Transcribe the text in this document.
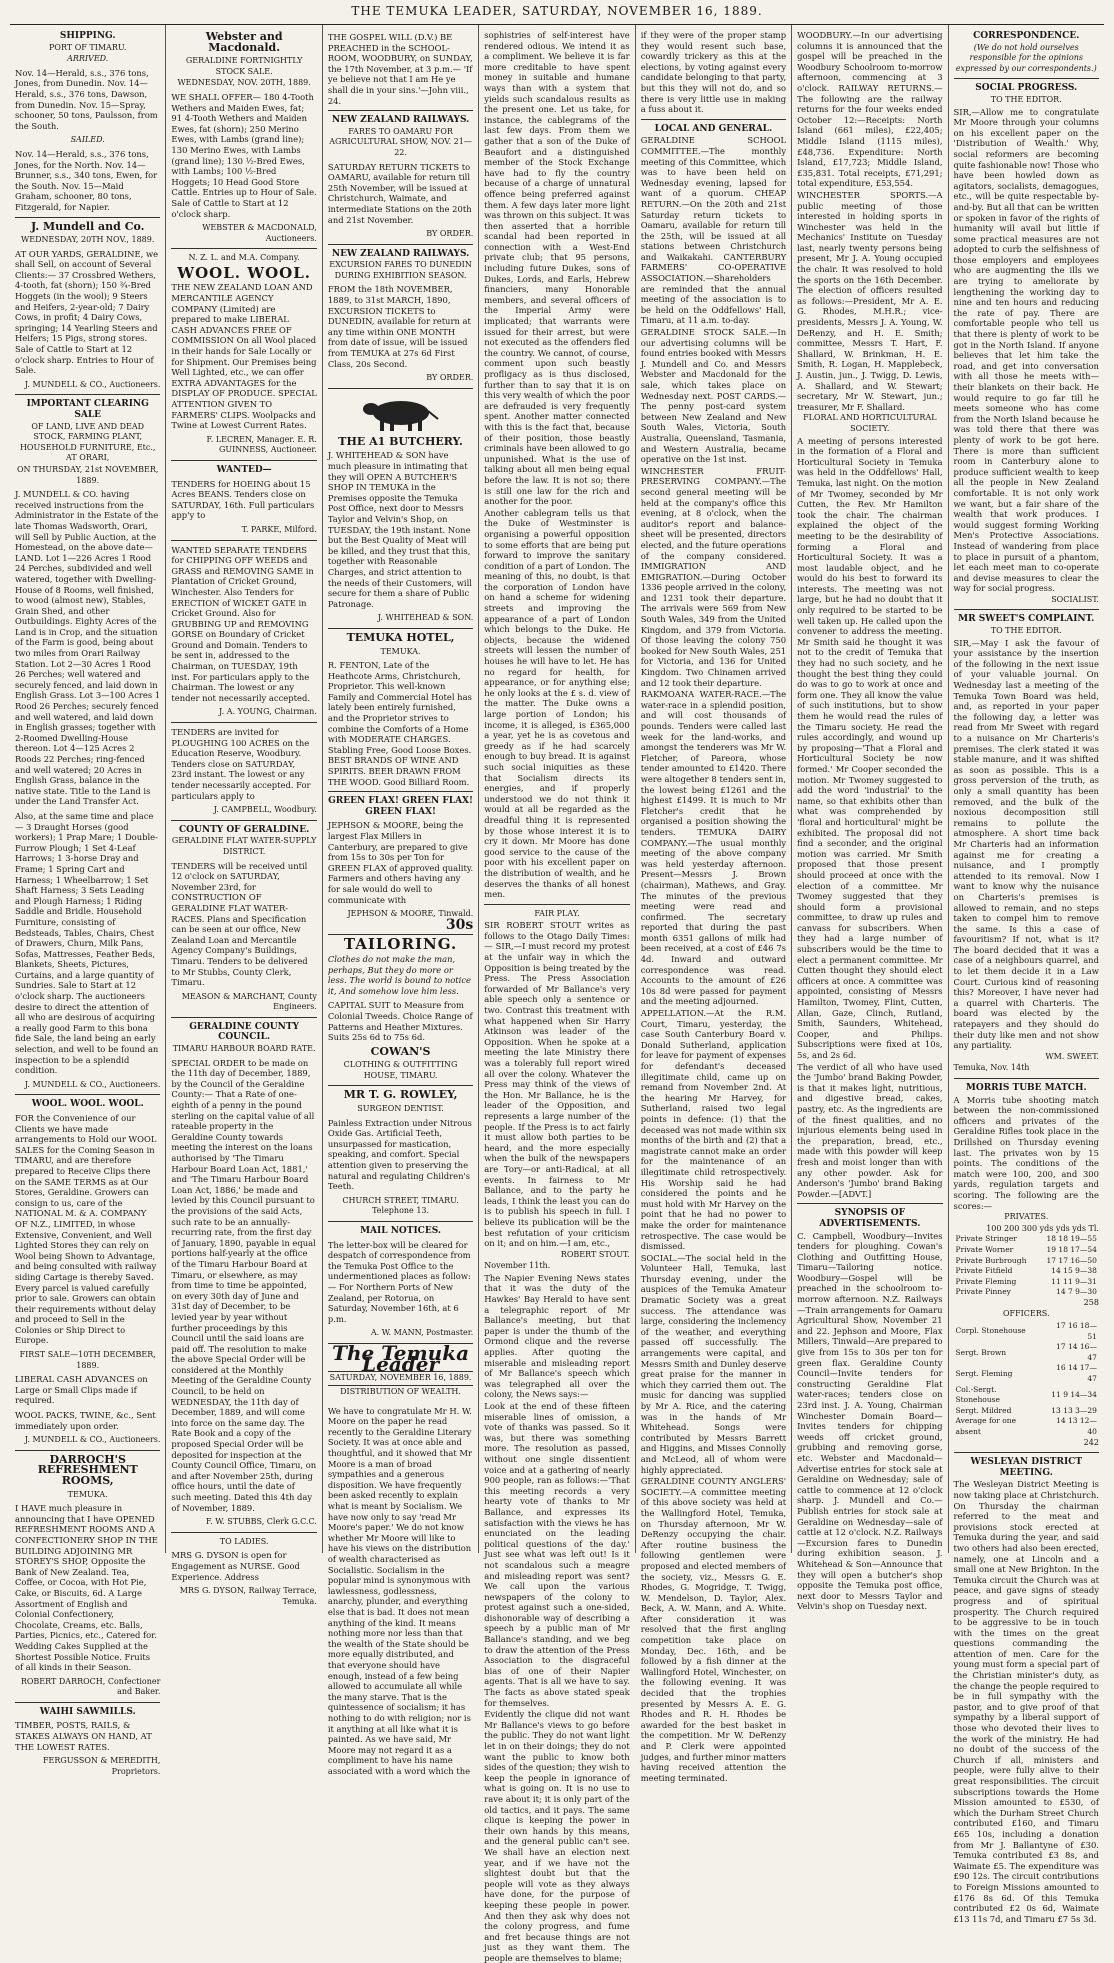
THE TEMUKA LEADER, SATURDAY, NOVEMBER 16, 1889.
SHIPPING.
PORT OF TIMARU.
ARRIVED.

Nov. 14—Herald, s.s., 376 tons, Jones, from Dunedin. Nov. 14—Herald, s.s., 376 tons, Dawson, from Dunedin. Nov. 15—Spray, schooner, 50 tons, Paulsson, from the South.

SAILED.

Nov. 14—Herald, s.s., 376 tons, Jones, for the North. Nov. 14—Brunner, s.s., 340 tons, Ewen, for the South. Nov. 15—Maid Graham, schooner, 80 tons, Fitzgerald, for Napier.

J. Mundell and Co.
WEDNESDAY, 20TH NOV., 1889.

AT OUR YARDS, GERALDINE, we shall Sell, on account of Several Clients:— 37 Crossbred Wethers, 4-tooth, fat (shorn); 150 ¾-Bred Hoggets (in the wool); 9 Steers and Heifers, 2-year-old; 7 Dairy Cows, in profit; 4 Dairy Cows, springing; 14 Yearling Steers and Heifers; 15 Pigs, strong stores. Sale of Cattle to Start at 12 o'clock sharp. Entries to Hour of Sale.

J. MUNDELL & CO., Auctioneers.
IMPORTANT CLEARING SALE
OF LAND, LIVE AND DEAD STOCK, FARMING PLANT, HOUSEHOLD FURNITURE, Etc., AT ORARI,
ON THURSDAY, 21st NOVEMBER, 1889.

J. MUNDELL & CO. having received instructions from the Administrator in the Estate of the late Thomas Wadsworth, Orari, will Sell by Public Auction, at the Homestead, on the above date— LAND. Lot 1—226 Acres 1 Rood 24 Perches, subdivided and well watered, together with Dwelling-House of 8 Rooms, well finished, to wood (almost new), Stables, Grain Shed, and other Outbuildings. Eighty Acres of the Land is in Crop, and the situation of the Farm is good, being about two miles from Orari Railway Station. Lot 2—30 Acres 1 Rood 26 Perches; well watered and securely fenced, and laid down in English Grass. Lot 3—100 Acres 1 Rood 26 Perches; securely fenced and well watered, and laid down in English grasses; together with 2-Roomed Dwelling-House thereon. Lot 4—125 Acres 2 Roods 22 Perches; ring-fenced and well watered; 20 Acres in English Grass, balance in the native state. Title to the Land is under the Land Transfer Act.

Also, at the same time and place— 3 Draught Horses (good workers); 1 Prap Mare; 1 Double-Furrow Plough; 1 Set 4-Leaf Harrows; 1 3-horse Dray and Frame; 1 Spring Cart and Harness; 1 Wheelbarrow; 1 Set Shaft Harness; 3 Sets Leading and Plough Harness; 1 Riding Saddle and Bridle. Household Furniture, consisting of Bedsteads, Tables, Chairs, Chest of Drawers, Churn, Milk Pans, Sofas, Mattresses, Feather Beds, Blankets, Sheets, Pictures, Curtains, and a large quantity of Sundries. Sale to Start at 12 o'clock sharp. The auctioneers desire to direct the attention of all who are desirous of acquiring a really good Farm to this bona fide Sale, the land being an early selection, and well to be found an inspection to be a splendid condition.

J. MUNDELL & CO., Auctioneers.
WOOL. WOOL. WOOL.

FOR the Convenience of our Clients we have made arrangements to Hold our WOOL SALES for the Coming Season in TIMARU, and are therefore prepared to Receive Clips there on the SAME TERMS as at Our Stores, Geraldine. Growers can consign to us, care of the NATIONAL M. & A. COMPANY OF N.Z., LIMITED, in whose Extensive, Convenient, and Well Lighted Stores they can rely on Wool being Shown to Advantage, and being consulted with railway siding Cartage is thereby Saved. Every parcel is valued carefully prior to sale. Growers can obtain their requirements without delay and proceed to Sell in the Colonies or Ship Direct to Europe.

FIRST SALE—10TH DECEMBER, 1889.

LIBERAL CASH ADVANCES on Large or Small Clips made if required.

WOOL PACKS, TWINE, &c., Sent immediately upon order.

J. MUNDELL & CO., Auctioneers.
DARROCH'S REFRESHMENT ROOMS,
TEMUKA.

I HAVE much pleasure in announcing that I have OPENED REFRESHMENT ROOMS AND A CONFECTIONERY SHOP IN THE BUILDING ADJOINING MR STOREY'S SHOP, Opposite the Bank of New Zealand. Tea, Coffee, or Cocoa, with Hot Pie, Cake, or Biscuits, 6d. A Large Assortment of English and Colonial Confectionery, Chocolate, Creams, etc. Balls, Parties, Picnics, etc., Catered for. Wedding Cakes Supplied at the Shortest Possible Notice. Fruits of all kinds in their Season.

ROBERT DARROCH, Confectioner and Baker.
WAIHI SAWMILLS.

TIMBER, POSTS, RAILS, & STAKES ALWAYS ON HAND, AT THE LOWEST RATES.

FERGUSSON & MEREDITH, Proprietors.
Webster and Macdonald.
GERALDINE FORTNIGHTLY STOCK SALE.
WEDNESDAY, NOV. 20TH, 1889.

WE SHALL OFFER— 180 4-Tooth Wethers and Maiden Ewes, fat; 91 4-Tooth Wethers and Maiden Ewes, fat (shorn); 250 Merino Ewes, with Lambs (grand line); 130 Merino Ewes, with Lambs (grand line); 130 ½-Bred Ewes, with Lambs; 100 ½-Bred Hoggets; 10 Head Good Store Cattle. Entries up to Hour of Sale. Sale of Cattle to Start at 12 o'clock sharp.

WEBSTER & MACDONALD, Auctioneers.
N. Z. L. and M.A. Company.
WOOL. WOOL.

THE NEW ZEALAND LOAN AND MERCANTILE AGENCY COMPANY (Limited) are prepared to make LIBERAL CASH ADVANCES FREE OF COMMISSION On all Wool placed in their hands for Sale Locally or for Shipment. Our Premises being Well Lighted, etc., we can offer EXTRA ADVANTAGES for the DISPLAY OF PRODUCE. SPECIAL ATTENTION GIVEN TO FARMERS' CLIPS. Woolpacks and Twine at Lowest Current Rates.

F. LECREN, Manager. E. R. GUINNESS, Auctioneer.
WANTED—

TENDERS for HOEING about 15 Acres BEANS. Tenders close on SATURDAY, 16th. Full particulars app'y to

T. PARKE, Milford.

WANTED SEPARATE TENDERS for CHIPPING OFF WEEDS and GRASS and REMOVING SAME in Plantation of Cricket Ground, Winchester. Also Tenders for ERECTION of WICKET GATE in Cricket Ground. Also for GRUBBING UP and REMOVING GORSE on Boundary of Cricket Ground and Domain. Tenders to be sent in, addressed to the Chairman, on TUESDAY, 19th inst. For particulars apply to the Chairman. The lowest or any tender not necessarily accepted.

J. A. YOUNG, Chairman.

TENDERS are invited for PLOUGHING 100 ACRES on the Education Reserve, Woodbury. Tenders close on SATURDAY, 23rd instant. The lowest or any tender necessarily accepted. For particulars apply to

J. CAMPBELL, Woodbury.
COUNTY OF GERALDINE.
GERALDINE FLAT WATER-SUPPLY DISTRICT.

TENDERS will be received until 12 o'clock on SATURDAY, November 23rd, for CONSTRUCTION OF GERALDINE FLAT WATER-RACES. Plans and Specification can be seen at our office, New Zealand Loan and Mercantile Agency Company's Buildings, Timaru. Tenders to be delivered to Mr Stubbs, County Clerk, Timaru.

MEASON & MARCHANT, County Engineers.
GERALDINE COUNTY COUNCIL.
TIMARU HARBOUR BOARD RATE.

SPECIAL ORDER to be made on the 11th day of December, 1889, by the Council of the Geraldine County:— That a Rate of one-eighth of a penny in the pound sterling on the capital value of all rateable property in the Geraldine County towards meeting the interest on the loans authorised by 'The Timaru Harbour Board Loan Act, 1881,' and 'The Timaru Harbour Board Loan Act, 1886,' be made and levied by this Council pursuant to the provisions of the said Acts, such rate to be an annually-recurring rate, from the first day of January, 1890, payable in equal portions half-yearly at the office of the Timaru Harbour Board at Timaru, or elsewhere, as may from time to time be appointed, on every 30th day of June and 31st day of December, to be levied year by year without further proceedings by this Council until the said loans are paid off. The resolution to make the above Special Order will be considered at the Monthly Meeting of the Geraldine County Council, to be held on WEDNESDAY, the 11th day of December, 1889, and will come into force on the same day. The Rate Book and a copy of the proposed Special Order will be deposited for inspection at the County Council Office, Timaru, on and after November 25th, during office hours, until the date of such meeting. Dated this 4th day of November, 1889.

F. W. STUBBS, Clerk G.C.C.
TO LADIES.

MRS G. DYSON is open for Engagement as NURSE. Good Experience. Address

MRS G. DYSON, Railway Terrace, Temuka.

THE GOSPEL WILL (D.V.) BE PREACHED in the SCHOOL-ROOM, WOODBURY, on SUNDAY, the 17th November, at 3 p.m.— 'If ye believe not that I am He ye shall die in your sins.'—John viii., 24.

NEW ZEALAND RAILWAYS.
FARES TO OAMARU FOR AGRICULTURAL SHOW, NOV. 21—22.

SATURDAY RETURN TICKETS to OAMARU, available for return till 25th November, will be issued at Christchurch, Waimate, and intermediate Stations on the 20th and 21st November.

BY ORDER.
NEW ZEALAND RAILWAYS.
EXCURSION FARES TO DUNEDIN DURING EXHIBITION SEASON.

FROM the 18th NOVEMBER, 1889, to 31st MARCH, 1890, EXCURSION TICKETS to DUNEDIN, available for return at any time within ONE MONTH from date of issue, will be issued from TEMUKA at 27s 6d First Class, 20s Second.

BY ORDER.
THE A1 BUTCHERY.

J. WHITEHEAD & SON have much pleasure in intimating that they will OPEN A BUTCHER'S SHOP IN TEMUKA in the Premises opposite the Temuka Post Office, next door to Messrs Taylor and Velvin's Shop, on TUESDAY, the 19th instant. None but the Best Quality of Meat will be killed, and they trust that this, together with Reasonable Charges, and strict attention to the needs of their Customers, will secure for them a share of Public Patronage.

J. WHITEHEAD & SON.
TEMUKA HOTEL,
TEMUKA.

R. FENTON, Late of the Heathcote Arms, Christchurch, Proprietor. This well-known Family and Commercial Hotel has lately been entirely furnished, and the Proprietor strives to combine the Comforts of a Home with MODERATE CHARGES. Stabling Free, Good Loose Boxes. BEST BRANDS OF WINE AND SPIRITS. BEER DRAWN FROM THE WOOD. Good Billiard Room.

GREEN FLAX! GREEN FLAX! GREEN FLAX!

JEPHSON & MOORE, being the largest Flax Millers in Canterbury, are prepared to give from 15s to 30s per Ton for GREEN FLAX of approved quality. Farmers and others having any for sale would do well to communicate with

JEPHSON & MOORE, Tinwald.
30s
TAILORING.

Clothes do not make the man, perhaps, But they do more or less. The world is bound to notice it, And somehow love him less.

CAPITAL SUIT to Measure from Colonial Tweeds. Choice Range of Patterns and Heather Mixtures. Suits 25s 6d to 75s 6d.

COWAN'S
CLOTHING & OUTFITTING HOUSE, TIMARU.
MR T. G. ROWLEY,
SURGEON DENTIST.

Painless Extraction under Nitrous Oxide Gas. Artificial Teeth, unsurpassed for mastication, speaking, and comfort. Special attention given to preserving the natural and regulating Children's Teeth.

CHURCH STREET, TIMARU. Telephone 13.
MAIL NOTICES.

The letter-box will be cleared for despatch of correspondence from the Temuka Post Office to the undermentioned places as follow:— For Northern Ports of New Zealand, per Rotorua, on Saturday, November 16th, at 6 p.m.

A. W. MANN, Postmaster.
The Temuka Leader
SATURDAY, NOVEMBER 16, 1889.
DISTRIBUTION OF WEALTH.

We have to congratulate Mr H. W. Moore on the paper he read recently to the Geraldine Literary Society. It was at once able and thoughtful, and it showed that Mr Moore is a man of broad sympathies and a generous disposition. We have frequently been asked recently to explain what is meant by Socialism. We have now only to say 'read Mr Moore's paper.' We do not know whether Mr Moore will like to have his views on the distribution of wealth characterised as Socialistic. Socialism in the popular mind is synonymous with lawlessness, godlessness, anarchy, plunder, and everything else that is bad. It does not mean anything of the kind. It means nothing more nor less than that the wealth of the State should be more equally distributed, and that everyone should have enough, instead of a few being allowed to accumulate all while the many starve. That is the quintessence of socialism; it has nothing to do with religion; nor is it anything at all like what it is painted. As we have said, Mr Moore may not regard it as a compliment to have his name associated with a word which the

sophistries of self-interest have rendered odious. We intend it as a compliment. We believe it is far more creditable to have spent money in suitable and humane ways than with a system that yields such scandalous results as the present one. Let us take, for instance, the cablegrams of the last few days. From them we gather that a son of the Duke of Beaufort and a distinguished member of the Stock Exchange have had to fly the country because of a charge of unnatural offence being preferred against them. A few days later more light was thrown on this subject. It was then asserted that a horrible scandal had been reported in connection with a West-End private club; that 95 persons, including future Dukes, sons of Dukes, Lords, and Earls, Hebrew financiers, many Honorable members, and several officers of the Imperial Army were implicated; that warrants were issued for their arrest, but were not executed as the offenders fled the country. We cannot, of course, comment upon such beastly profligacy as is thus disclosed, further than to say that it is on this very wealth of which the poor are defrauded is very frequently spent. Another matter connected with this is the fact that, because of their position, those beastly criminals have been allowed to go unpunished. What is the use of talking about all men being equal before the law. It is not so; there is still one law for the rich and another for the poor.

Another cablegram tells us that the Duke of Westminster is organising a powerful opposition to some efforts that are being put forward to improve the sanitary condition of a part of London. The meaning of this, no doubt, is that the corporation of London have on hand a scheme for widening streets and improving the appearance of a part of London which belongs to the Duke. He objects, because the widened streets will lessen the number of houses he will have to let. He has no regard for health, for appearance, or for anything else; he only looks at the £ s. d. view of the matter. The Duke owns a large portion of London; his income, it is alleged, is £365,000 a year, yet he is as covetous and greedy as if he had scarcely enough to buy bread. It is against such social iniquities as these that Socialism directs its energies, and if properly understood we do not think it would at all be regarded as the dreadful thing it is represented by those whose interest it is to cry it down. Mr Moore has done good service to the cause of the poor with his excellent paper on the distribution of wealth, and he deserves the thanks of all honest men.

FAIR PLAY.

SIR ROBERT STOUT writes as follows to the Otago Daily Times:— SIR,—I must record my protest at the unfair way in which the Opposition is being treated by the Press. The Press Association forwarded of Mr Ballance's very able speech only a sentence or two. Contrast this treatment with what happened when Sir Harry Atkinson was leader of the Opposition. When he spoke at a meeting the late Ministry there was a tolerably full report wired all over the colony. Whatever the Press may think of the views of the Hon. Mr Ballance, he is the leader of the Opposition, and represents a large number of the people. If the Press is to act fairly it must allow both parties to be heard, and the more especially when the bulk of the newspapers are Tory—or anti-Radical, at all events. In fairness to Mr Ballance, and to the party he leads, I think the least you can do is to publish his speech in full. I believe its publication will be the best refutation of your criticism on it; and on him.—I am, etc.,

ROBERT STOUT.
November 11th.

The Napier Evening News states that it was the duty of the Hawkes' Bay Herald to have sent a telegraphic report of Mr Ballance's meeting, but that paper is under the thumb of the Ormond clique and the reverse applies. After quoting the miserable and misleading report of Mr Ballance's speech which was telegraphed all over the colony, the News says:—

Look at the end of these fifteen miserable lines of omission, a vote of thanks was passed. So it was, but there was something more. The resolution as passed, without one single dissentient voice and at a gathering of nearly 900 people, ran as follows:—'That this meeting records a very hearty vote of thanks to Mr Ballance, and expresses its satisfaction with the views he has enunciated on the leading political questions of the day.' Just see what was left out! Is it not scandalous such a meagre and misleading report was sent? We call upon the various newspapers of the colony to protest against such a one-sided, dishonorable way of describing a speech by a public man of Mr Ballance's standing, and we beg to draw the attention of the Press Association to the disgraceful bias of one of their Napier agents. That is all we have to say. The facts as above stated speak for themselves.

Evidently the clique did not want Mr Ballance's views to go before the public. They do not want light let in on their doings; they do not want the public to know both sides of the question; they wish to keep the people in ignorance of what is going on. It is no use to rave about it; it is only part of the old tactics, and it pays. The same clique is keeping the power in their own hands by this means, and the general public can't see. We shall have an election next year, and if we have not the slightest doubt but that the people will vote as they always have done, for the purpose of keeping these people in power. And then they ask why does not the colony progress, and fume and fret because things are not just as they want them. The people are themselves to blame;

if they were of the proper stamp they would resent such base, cowardly trickery as this at the elections, by voting against every candidate belonging to that party, but this they will not do, and so there is very little use in making a fuss about it.

LOCAL AND GENERAL.

GERALDINE SCHOOL COMMITTEE.—The monthly meeting of this Committee, which was to have been held on Wednesday evening, lapsed for want of a quorum. CHEAP RETURN.—On the 20th and 21st Saturday return tickets to Oamaru, available for return till the 25th, will be issued at all stations between Christchurch and Waikakahi. CANTERBURY FARMERS' CO-OPERATIVE ASSOCIATION.—Shareholders are reminded that the annual meeting of the association is to be held on the Oddfellows' Hall, Timaru, at 11 a.m. to-day.

GERALDINE STOCK SALE.—In our advertising columns will be found entries booked with Messrs J. Mundell and Co. and Messrs Webster and Macdonald for the sale, which takes place on Wednesday next. POST CARDS.—The penny post-card system between New Zealand and New South Wales, Victoria, South Australia, Queensland, Tasmania, and Western Australia, became operative on the 1st inst.

WINCHESTER FRUIT-PRESERVING COMPANY.—The second general meeting will be held at the company's office this evening, at 8 o'clock, when the auditor's report and balance-sheet will be presented, directors elected, and the future operations of the company considered. IMMIGRATION AND EMIGRATION.—During October 1336 people arrived in the colony, and 1231 took their departure. The arrivals were 569 from New South Wales, 349 from the United Kingdom, and 379 from Victoria. Of those leaving the colony 750 booked for New South Wales, 251 for Victoria, and 136 for United Kingdom. Two Chinamen arrived and 12 took their departure.

RAKMOANA WATER-RACE.—The water-race in a splendid position, and will cost thousands of pounds. Tenders were called last week for the land-works, and amongst the tenderers was Mr W. Fletcher, of Pareora, whose tender amounted to £1420. There were altogether 8 tenders sent in, the lowest being £1261 and the highest £1499. It is much to Mr Fletcher's credit that he organised a position showing the tenders. TEMUKA DAIRY COMPANY.—The usual monthly meeting of the above company was held yesterday afternoon. Present—Messrs J. Brown (chairman), Mathews, and Gray. The minutes of the previous meeting were read and confirmed. The secretary reported that during the past month 6351 gallons of milk had been received, at a cost of £46 7s 4d. Inward and outward correspondence was read. Accounts to the amount of £26 10s 8d were passed for payment and the meeting adjourned.

APPELLATION.—At the R.M. Court, Timaru, yesterday, the case South Canterbury Board v. Donald Sutherland, application for leave for payment of expenses for defendant's deceased illegitimate child, came up on remand from November 2nd. At the hearing Mr Harvey, for Sutherland, raised two legal points in defence: (1) that the deceased was not made within six months of the birth and (2) that a magistrate cannot make an order for the maintenance of an illegitimate child retrospectively. His Worship said he had considered the points and he must hold with Mr Harvey on the point that he had no power to make the order for maintenance retrospective. The case would be dismissed.

SOCIAL.—The social held in the Volunteer Hall, Temuka, last Thursday evening, under the auspices of the Temuka Amateur Dramatic Society was a great success. The attendance was large, considering the inclemency of the weather, and everything passed off successfully. The arrangements were capital, and Messrs Smith and Dunley deserve great praise for the manner in which they carried them out. The music for dancing was supplied by Mr A. Rice, and the catering was in the hands of Mr Whitehead. Songs were contributed by Messrs Barrett and Higgins, and Misses Connolly and McLeod, all of whom were highly appreciated.

GERALDINE COUNTY ANGLERS' SOCIETY.—A committee meeting of this above society was held at the Wallingford Hotel, Temuka, on Thursday afternoon, Mr W. DeRenzy occupying the chair. After routine business the following gentlemen were proposed and elected members of the society, viz., Messrs G. E. Rhodes, G. Mogridge, T. Twigg, W. Mendelson, D. Taylor, Alex. Beck, A. W. Mann, and A. White. After consideration it was resolved that the first angling competition take place on Monday, Dec. 16th, and be followed by a fish dinner at the Wallingford Hotel, Winchester, on the following evening. It was decided that the trophies presented by Messrs A. E. G. Rhodes and R. H. Rhodes be awarded for the best basket in the competition. Mr W. DeRenzy and P. Clerk were appointed judges, and further minor matters having received attention the meeting terminated.

WOODBURY.—In our advertising columns it is announced that the gospel will be preached in the Woodbury Schoolroom to-morrow afternoon, commencing at 3 o'clock. RAILWAY RETURNS.—The following are the railway returns for the four weeks ended October 12:—Receipts: North Island (661 miles), £22,405; Middle Island (1115 miles), £48,736. Expenditure: North Island, £17,723; Middle Island, £35,831. Total receipts, £71,291; total expenditure, £53,554.

WINCHESTER SPORTS.—A public meeting of those interested in holding sports in Winchester was held in the Mechanics' Institute on Tuesday last, nearly twenty persons being present, Mr J. A. Young occupied the chair. It was resolved to hold the sports on the 16th December. The election of officers resulted as follows:—President, Mr A. E. G. Rhodes, M.H.R.; vice-presidents, Messrs J. A. Young, W. DeRenzy, and H. E. Smith; committee, Messrs T. Hart, F. Shallard, W. Brinkman, H. E. Smith, R. Logan, H. Mapplebeck, J. Austin, jun., J. Twigg, D. Lewis, A. Shallard, and W. Stewart; secretary, Mr W. Stewart, jun.; treasurer, Mr F. Shallard.

FLORAL AND HORTICULTURAL SOCIETY.

A meeting of persons interested in the formation of a Floral and Horticultural Society in Temuka was held in the Oddfellows' Hall, Temuka, last night. On the motion of Mr Twomey, seconded by Mr Cutten, the Rev. Mr Hamilton took the chair. The chairman explained the object of the meeting to be the desirability of forming a Floral and Horticultural Society. It was a most laudable object, and he would do his best to forward its interests. The meeting was not large, but he had no doubt that it only required to be started to be well taken up. He called upon the convener to address the meeting. Mr Smith said he thought it was not to the credit of Temuka that they had no such society, and he thought the best thing they could do was to go to work at once and form one. They all know the value of such institutions, but to show them he would read the rules of the Timaru society. He read the rules accordingly, and wound up by proposing—'That a Floral and Horticultural Society be now formed.' Mr Cooper seconded the motion. Mr Twomey suggested to add the word 'industrial' to the name, so that exhibits other than what was comprehended by 'floral and horticultural' might be exhibited. The proposal did not find a seconder, and the original motion was carried. Mr Smith proposed that those present should proceed at once with the election of a committee. Mr Twomey suggested that they should form a provisional committee, to draw up rules and canvass for subscribers. When they had a large number of subscribers would be the time to elect a permanent committee. Mr Cutten thought they should elect officers at once. A committee was appointed, consisting of Messrs Hamilton, Twomey, Flint, Cutten, Allan, Gaze, Clinch, Rutland, Smith, Saunders, Whitehead, Cooper, and Philips. Subscriptions were fixed at 10s, 5s, and 2s 6d.

The verdict of all who have used the 'Jumbo' brand Baking Powder, is that it makes light, nutritious, and digestive bread, cakes, pastry, etc. As the ingredients are of the finest qualities, and no injurious elements being used in the preparation, bread, etc., made with this powder will keep fresh and moist longer than with any other powder. Ask for Anderson's 'Jumbo' brand Baking Powder.—[ADVT.]

SYNOPSIS OF ADVERTISEMENTS.

C. Campbell, Woodbury—Invites tenders for ploughing. Cowan's Clothing and Outfitting House, Timaru—Tailoring notice. Woodbury—Gospel will be preached in the schoolroom to-morrow afternoon. N.Z. Railways—Train arrangements for Oamaru Agricultural Show, November 21 and 22. Jephson and Moore, Flax Millers, Tinwald—Are prepared to give from 15s to 30s per ton for green flax. Geraldine County Council—Invite tenders for constructing Geraldine Flat water-races; tenders close on 23rd inst. J. A. Young, Chairman Winchester Domain Board—Invites tenders for chipping weeds off cricket ground, grubbing and removing gorse, etc. Webster and Macdonald—Advertise entries for stock sale at Geraldine on Wednesday; sale of cattle to commence at 12 o'clock sharp. J. Mundell and Co.—Publish entries for stock sale at Geraldine on Wednesday—sale of cattle at 12 o'clock. N.Z. Railways—Excursion fares to Dunedin during exhibition season. J. Whitehead & Son—Announce that they will open a butcher's shop opposite the Temuka post office, next door to Messrs Taylor and Velvin's shop on Tuesday next.

CORRESPONDENCE.
(We do not hold ourselves responsible for the opinions expressed by our correspondents.)
SOCIAL PROGRESS.
TO THE EDITOR.

SIR,—Allow me to congratulate Mr Moore through your columns on his excellent paper on the 'Distribution of Wealth.' Why, social reformers are becoming quite fashionable now! Those who have been howled down as agitators, socialists, demagogues, etc., will be quite respectable by-and-by. But all that can be written or spoken in favor of the rights of humanity will avail but little if some practical measures are not adopted to curb the selfishness of those employers and employees who are augmenting the ills we are trying to ameliorate by lengthening the working day to nine and ten hours and reducing the rate of pay. There are comfortable people who tell us that there is plenty of work to be got in the North Island. If anyone believes that let him take the road, and get into conversation with all those he meets with—their blankets on their back. He would require to go far till he meets someone who has come from the North Island because he was told there that there was plenty of work to be got here. There is more than sufficient room in Canterbury alone to produce sufficient wealth to keep all the people in New Zealand comfortable. It is not only work we want, but a fair share of the wealth that work produces. I would suggest forming Working Men's Protective Associations. Instead of wandering from place to place in pursuit of a phantom, let each meet man to co-operate and devise measures to clear the way for social progress.

SOCIALIST.
MR SWEET'S COMPLAINT.
TO THE EDITOR.

SIR,—May I ask the favour of your assistance by the insertion of the following in the next issue of your valuable journal. On Wednesday last a meeting of the Temuka Town Board was held, and, as reported in your paper the following day, a letter was read from Mr Sweet with regard to a nuisance on Mr Charteris's premises. The clerk stated it was stable manure, and it was shifted as soon as possible. This is a gross perversion of the truth, as only a small quantity has been removed, and the bulk of the noxious decomposition still remains to pollute the atmosphere. A short time back Mr Charteris had an information against me for creating a nuisance, and I promptly attended to its removal. Now I want to know why the nuisance on Charteris's premises is allowed to remain, and no steps taken to compel him to remove the same. Is this a case of favouritism? If not, what is it? The board decided that it was a case of a neighbours quarrel, and to let them decide it in a Law Court. Curious kind of reasoning this? Moreover, I have never had a quarrel with Charteris. The board was elected by the ratepayers and they should do their duty like men and not show any partiality.

WM. SWEET.
Temuka, Nov. 14th
MORRIS TUBE MATCH.

A Morris tube shooting match between the non-commissioned officers and privates of the Geraldine Rifles took place in the Drillshed on Thursday evening last. The privates won by 15 points. The conditions of the match were 100, 200, and 300 yards, regulation targets and scoring. The following are the scores:—

PRIVATES.
100 200 300 yds yds yds Tl.
Private Stringer	18 18 19—55
Private Worner	19 18 17—54
Private Burbrough	17 17 16—50
Private Fitfield	14 15 9—38
Private Fleming	11 11 9—31
Private Pinney	14 7 9—30
258
OFFICERS.
Corpl. Stonehouse	17 16 18—51
Sergt. Brown	17 14 16—47
Sergt. Fleming	16 14 17—47
Col.-Sergt. Stonehouse	11 9 14—34
Sergt. Mildred	13 13 3—29
Average for one absent	14 13 12—40
242
WESLEYAN DISTRICT MEETING.

The Wesleyan District Meeting is now taking place at Christchurch. On Thursday the chairman referred to the meat and provisions stock erected at Temuka during the year, and said two others had also been erected, namely, one at Lincoln and a small one at New Brighton. In the Temuka circuit the Church was at peace, and gave signs of steady progress and of spiritual prosperity. The Church required to be aggressive to be in touch with the times on the great questions commanding the attention of men. Care for the young must form a special part of the Christian minister's duty, as the change the people required to be in full sympathy with the pastor, and to give proof of that sympathy by a liberal support of those who devoted their lives to the work of the ministry. He had no doubt of the success of the Church if all, ministers and people, were fully alive to their great responsibilities. The circuit subscriptions towards the Home Mission amounted to £530, of which the Durham Street Church contributed £160, and Timaru £65 10s, including a donation from Mr J. Ballantyne of £30. Temuka contributed £3 8s, and Waimate £5. The expenditure was £90 12s. The circuit contributions to Foreign Missions amounted to £176 8s 6d. Of this Temuka contributed £2 0s 6d, Waimate £13 11s 7d, and Timaru £7 5s 3d.
